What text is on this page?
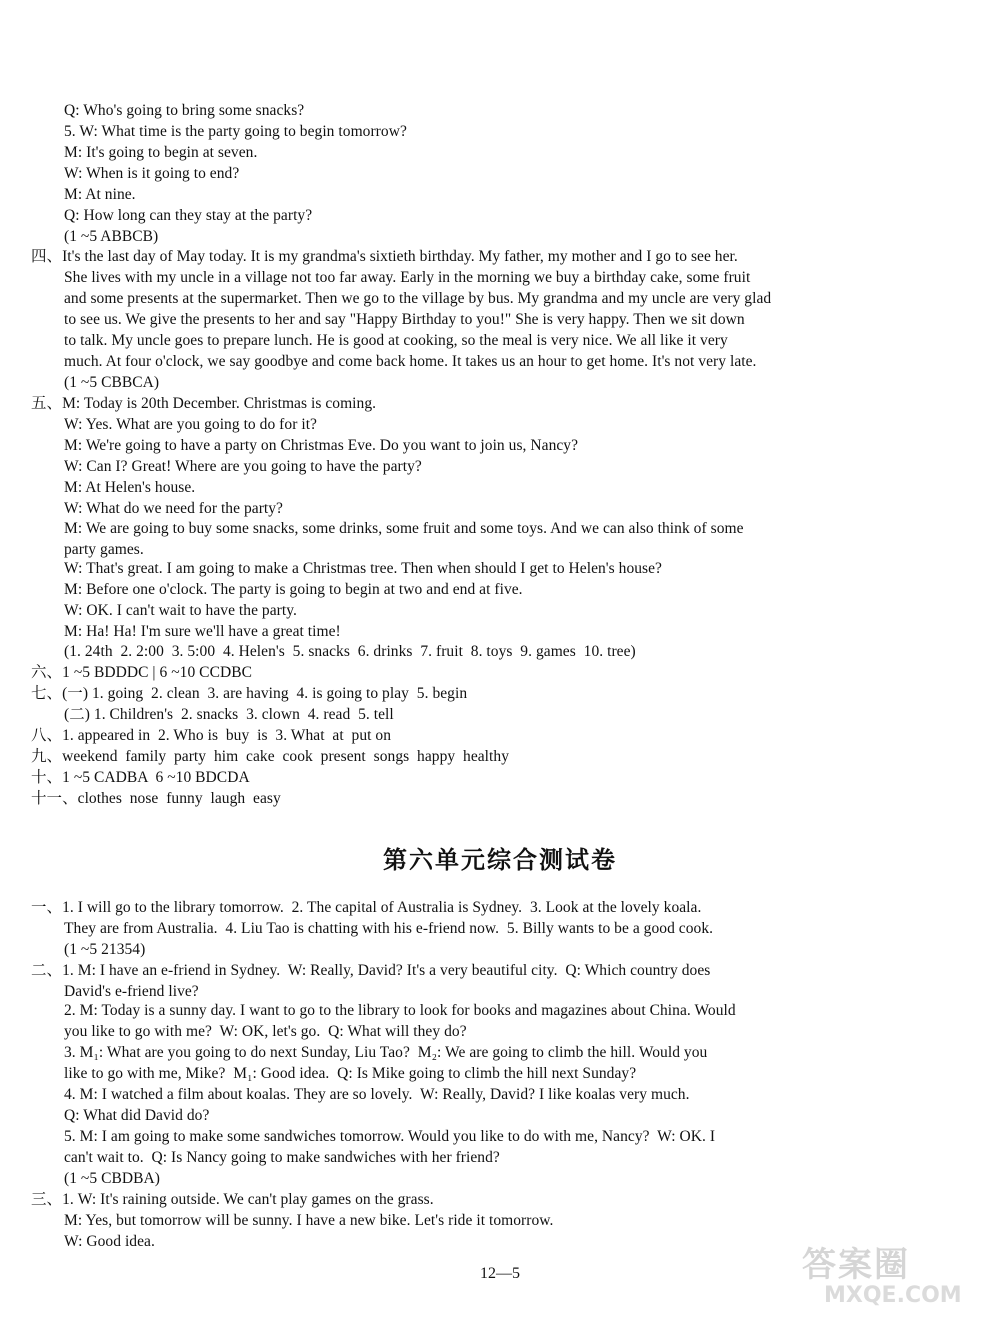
Q: Who's going to bring some snacks?
5. W: What time is the party going to begin tomorrow?
M: It's going to begin at seven.
W: When is it going to end?
M: At nine.
Q: How long can they stay at the party?
(1 ~5 ABBCB)
四、It's the last day of May today. It is my grandma's sixtieth birthday. My father, my mother and I go to see her.
She lives with my uncle in a village not too far away. Early in the morning we buy a birthday cake, some fruit
and some presents at the supermarket. Then we go to the village by bus. My grandma and my uncle are very glad
to see us. We give the presents to her and say "Happy Birthday to you!" She is very happy. Then we sit down
to talk. My uncle goes to prepare lunch. He is good at cooking, so the meal is very nice. We all like it very
much. At four o'clock, we say goodbye and come back home. It takes us an hour to get home. It's not very late.
(1 ~5 CBBCA)
五、M: Today is 20th December. Christmas is coming.
W: Yes. What are you going to do for it?
M: We're going to have a party on Christmas Eve. Do you want to join us, Nancy?
W: Can I? Great! Where are you going to have the party?
M: At Helen's house.
W: What do we need for the party?
M: We are going to buy some snacks, some drinks, some fruit and some toys. And we can also think of some
party games.
W: That's great. I am going to make a Christmas tree. Then when should I get to Helen's house?
M: Before one o'clock. The party is going to begin at two and end at five.
W: OK. I can't wait to have the party.
M: Ha! Ha! I'm sure we'll have a great time!
(1. 24th  2. 2:00  3. 5:00  4. Helen's  5. snacks  6. drinks  7. fruit  8. toys  9. games  10. tree)
六、1 ~5 BDDDC | 6 ~10 CCDBC
七、(一) 1. going  2. clean  3. are having  4. is going to play  5. begin
(二) 1. Children's  2. snacks  3. clown  4. read  5. tell
八、1. appeared in  2. Who is  buy  is  3. What  at  put on
九、weekend  family  party  him  cake  cook  present  songs  happy  healthy
十、1 ~5 CADBA  6 ~10 BDCDA
十一、clothes  nose  funny  laugh  easy
第六单元综合测试卷
一、1. I will go to the library tomorrow.  2. The capital of Australia is Sydney.  3. Look at the lovely koala.
They are from Australia.  4. Liu Tao is chatting with his e-friend now.  5. Billy wants to be a good cook.
(1 ~5 21354)
二、1. M: I have an e-friend in Sydney.  W: Really, David? It's a very beautiful city.  Q: Which country does
David's e-friend live?
2. M: Today is a sunny day. I want to go to the library to look for books and magazines about China. Would
you like to go with me?  W: OK, let's go.  Q: What will they do?
3. M₁: What are you going to do next Sunday, Liu Tao?  M₂: We are going to climb the hill. Would you
like to go with me, Mike?  M₁: Good idea.  Q: Is Mike going to climb the hill next Sunday?
4. M: I watched a film about koalas. They are so lovely.  W: Really, David? I like koalas very much.
Q: What did David do?
5. M: I am going to make some sandwiches tomorrow. Would you like to do with me, Nancy?  W: OK. I
can't wait to.  Q: Is Nancy going to make sandwiches with her friend?
(1 ~5 CBDBA)
三、1. W: It's raining outside. We can't play games on the grass.
M: Yes, but tomorrow will be sunny. I have a new bike. Let's ride it tomorrow.
W: Good idea.
12—5	答案圈
MXQE.COM
